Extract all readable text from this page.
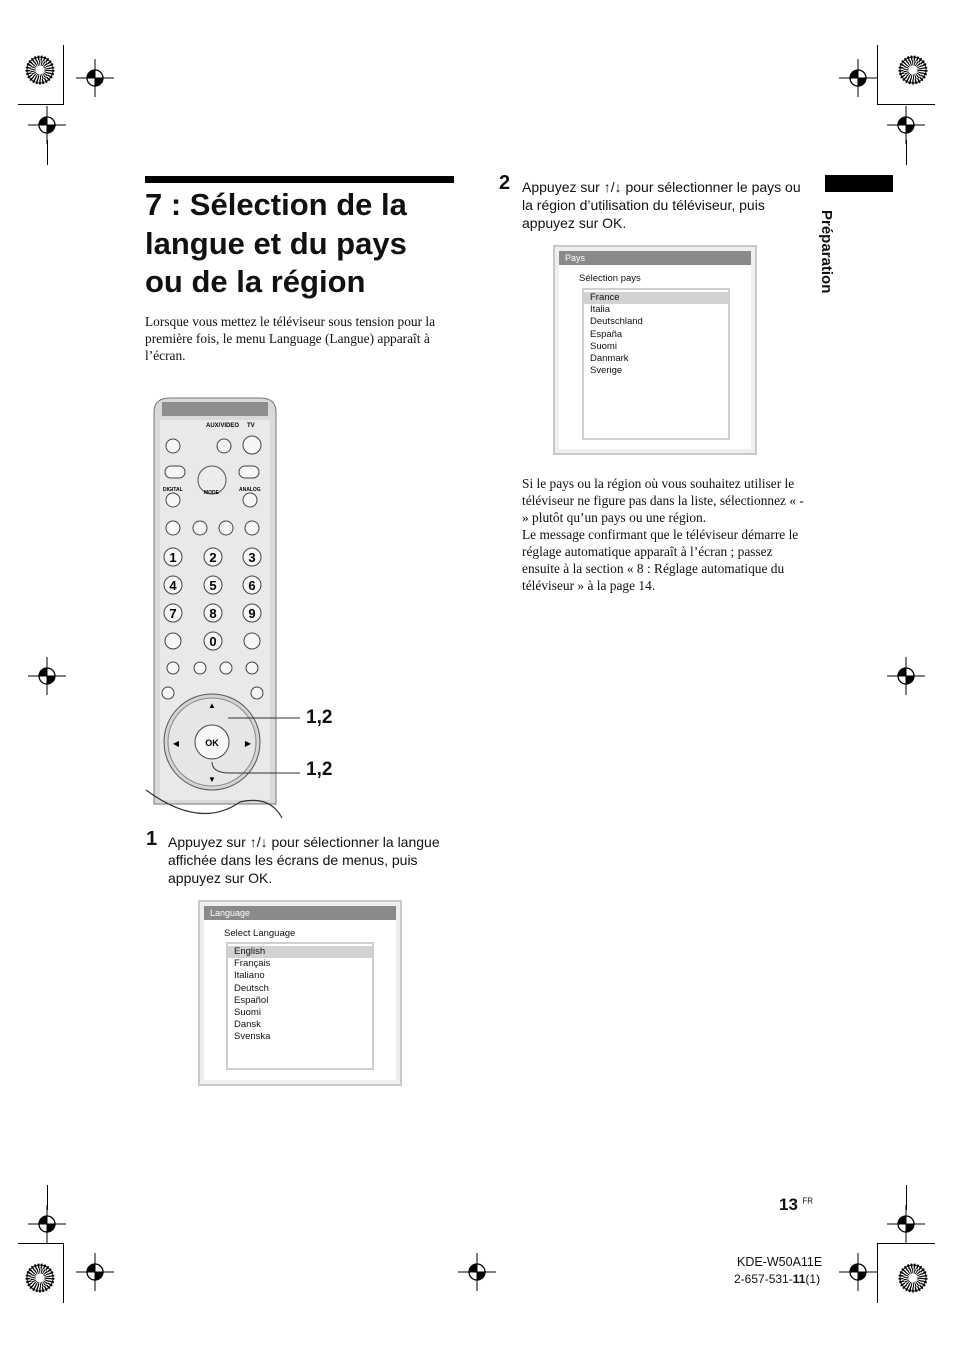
7 : Sélection de la
langue et du pays
ou de la région

Lorsque vous mettez le téléviseur sous tension pour la première fois, le menu Language (Langue) apparaît à l’écran.

Préparation
AUX/VIDEO TV
DIGITAL	MODE	ANALOG
1	2 3
4	5 6
7	8 9
0
OK
▲
▼
◀	▶
1,2
1,2
1 Appuyez sur ↑/↓ pour sélectionner la langue affichée dans les écrans de menus, puis appuyez sur OK.

Language
Select Language
English
Français
Italiano
Deutsch
Español
Suomi
Dansk
Svenska
2 Appuyez sur ↑/↓ pour sélectionner le pays ou la région d’utilisation du téléviseur, puis appuyez sur OK.

Pays
Sélection pays
France
Italia
Deutschland
España
Suomi
Danmark
Sverige

Si le pays ou la région où vous souhaitez utiliser le téléviseur ne figure pas dans la liste, sélectionnez « - » plutôt qu’un pays ou une région.

Le message confirmant que le téléviseur démarre le réglage automatique apparaît à l’écran ; passez ensuite à la section « 8 : Réglage automatique du téléviseur » à la page 14.

13 $^{FR}$
KDE-W50A11E
2-657-531-11(1)
